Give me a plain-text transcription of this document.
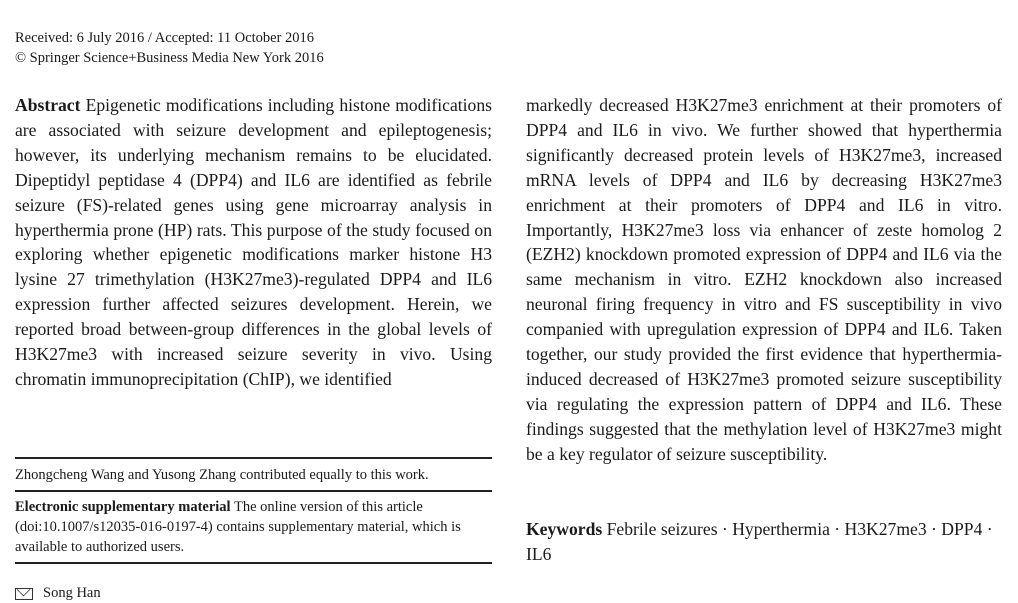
Received: 6 July 2016 / Accepted: 11 October 2016
© Springer Science+Business Media New York 2016

Abstract Epigenetic modifications including histone modifications are associated with seizure development and epileptogenesis; however, its underlying mechanism remains to be elucidated. Dipeptidyl peptidase 4 (DPP4) and IL6 are identified as febrile seizure (FS)-related genes using gene microarray analysis in hyperthermia prone (HP) rats. This purpose of the study focused on exploring whether epigenetic modifications marker histone H3 lysine 27 trimethylation (H3K27me3)-regulated DPP4 and IL6 expression further affected seizures development. Herein, we reported broad between-group differences in the global levels of H3K27me3 with increased seizure severity in vivo. Using chromatin immunoprecipitation (ChIP), we identified

Zhongcheng Wang and Yusong Zhang contributed equally to this work.
Electronic supplementary material The online version of this article (doi:10.1007/s12035-016-0197-4) contains supplementary material, which is available to authorized users.
Song Han

markedly decreased H3K27me3 enrichment at their promoters of DPP4 and IL6 in vivo. We further showed that hyperthermia significantly decreased protein levels of H3K27me3, increased mRNA levels of DPP4 and IL6 by decreasing H3K27me3 enrichment at their promoters of DPP4 and IL6 in vitro. Importantly, H3K27me3 loss via enhancer of zeste homolog 2 (EZH2) knockdown promoted expression of DPP4 and IL6 via the same mechanism in vitro. EZH2 knockdown also increased neuronal firing frequency in vitro and FS susceptibility in vivo companied with upregulation expression of DPP4 and IL6. Taken together, our study provided the first evidence that hyperthermia-induced decreased of H3K27me3 promoted seizure susceptibility via regulating the expression pattern of DPP4 and IL6. These findings suggested that the methylation level of H3K27me3 might be a key regulator of seizure susceptibility.

Keywords Febrile seizures · Hyperthermia · H3K27me3 · DPP4 · IL6
